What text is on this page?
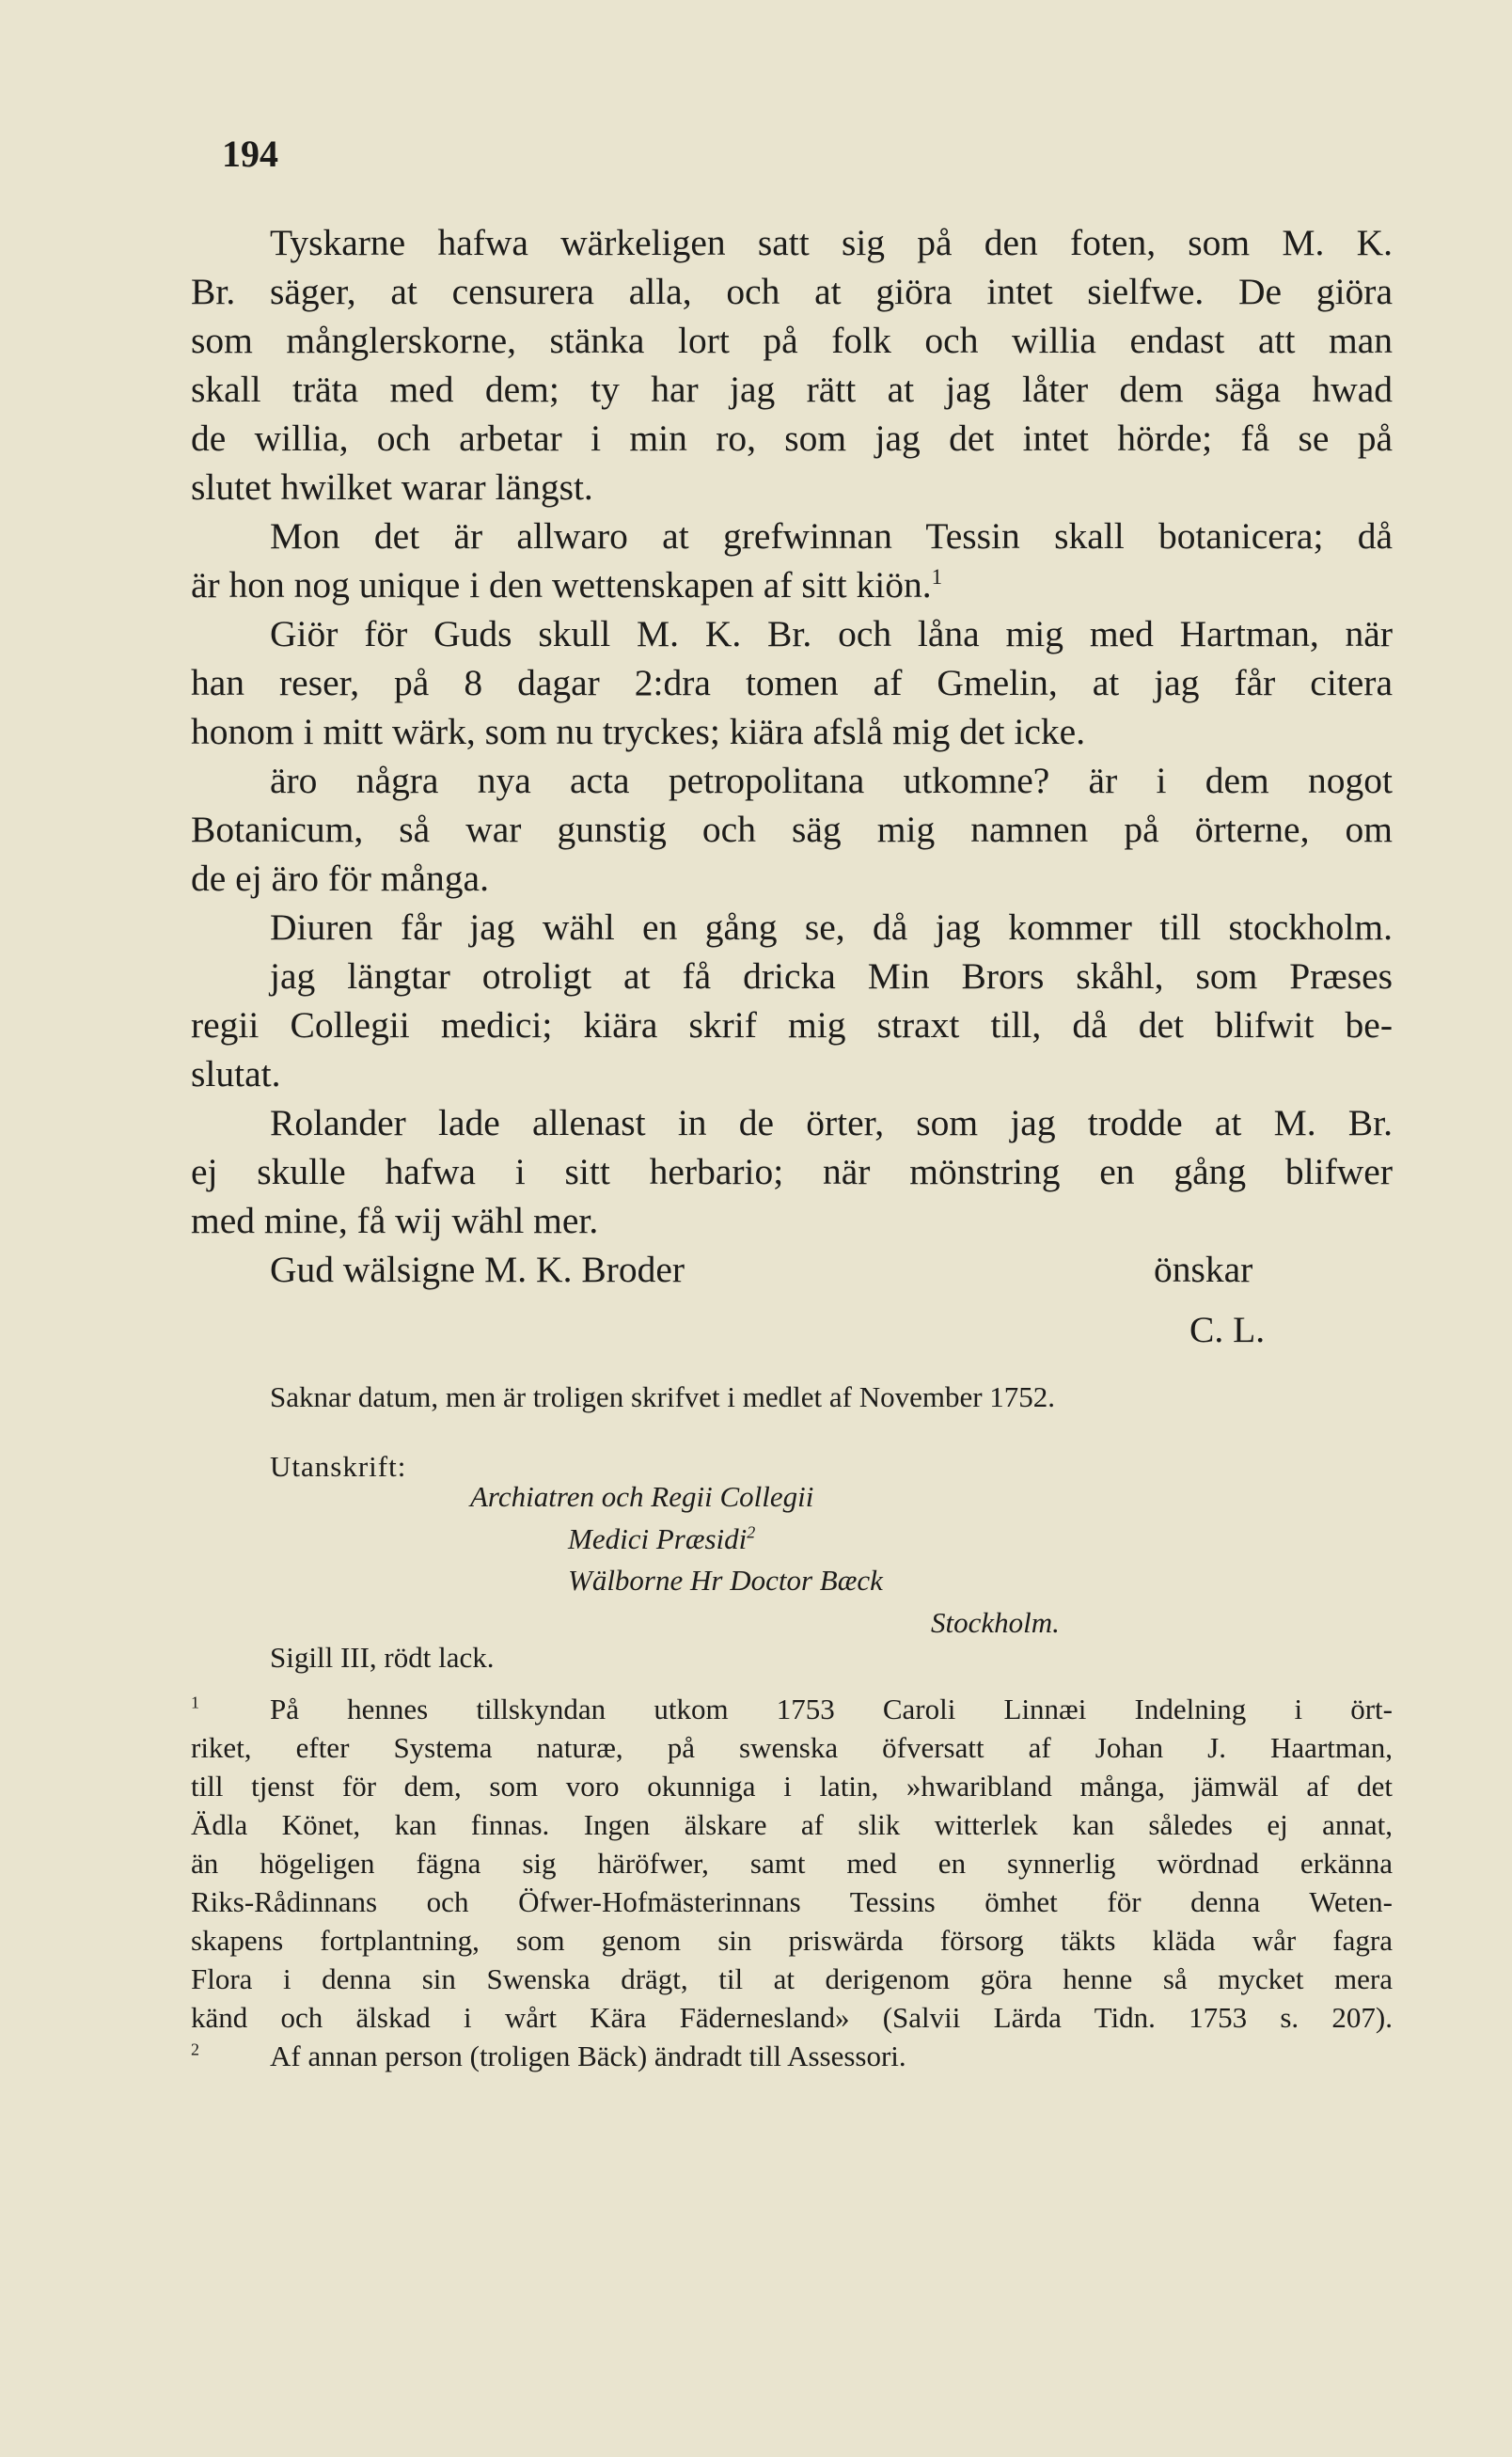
194
Tyskarne hafwa wärkeligen satt sig på den foten, som M. K.
Br. säger, at censurera alla, och at giöra intet sielfwe. De giöra
som månglerskorne, stänka lort på folk och willia endast att man
skall träta med dem; ty har jag rätt at jag låter dem säga hwad
de willia, och arbetar i min ro, som jag det intet hörde; få se på
slutet hwilket warar längst.
Mon det är allwaro at grefwinnan Tessin skall botanicera; då
är hon nog unique i den wettenskapen af sitt kiön.$^1$
Giör för Guds skull M. K. Br. och låna mig med Hartman, när
han reser, på 8 dagar 2:dra tomen af Gmelin, at jag får citera
honom i mitt wärk, som nu tryckes; kiära afslå mig det icke.
äro några nya acta petropolitana utkomne? är i dem nogot
Botanicum, så war gunstig och säg mig namnen på örterne, om
de ej äro för många.
Diuren får jag wähl en gång se, då jag kommer till stockholm.
jag längtar otroligt at få dricka Min Brors skåhl, som Præses
regii Collegii medici; kiära skrif mig straxt till, då det blifwit be-
slutat.
Rolander lade allenast in de örter, som jag trodde at M. Br.
ej skulle hafwa i sitt herbario; när mönstring en gång blifwer
med mine, få wij wähl mer.
Gud wälsigne M. K. Broder	önskar
C. L.
Saknar datum, men är troligen skrifvet i medlet af November 1752.
Utanskrift:
Archiatren och Regii Collegii
Medici Præsidi$^2$
Wälborne Hr Doctor Bæck
Stockholm.
Sigill III, rödt lack.
$^1$ På hennes tillskyndan utkom 1753 Caroli Linnæi Indelning i ört-
riket, efter Systema naturæ, på swenska öfversatt af Johan J. Haartman,
till tjenst för dem, som voro okunniga i latin, »hwaribland många, jämwäl af det
Ädla Könet, kan finnas. Ingen älskare af slik witterlek kan således ej annat,
än högeligen fägna sig häröfwer, samt med en synnerlig wördnad erkänna
Riks-Rådinnans och Öfwer-Hofmästerinnans Tessins ömhet för denna Weten-
skapens fortplantning, som genom sin priswärda försorg täkts kläda wår fagra
Flora i denna sin Swenska drägt, til at derigenom göra henne så mycket mera
känd och älskad i wårt Kära Fädernesland» (Salvii Lärda Tidn. 1753 s. 207).
$^2$ Af annan person (troligen Bäck) ändradt till Assessori.
